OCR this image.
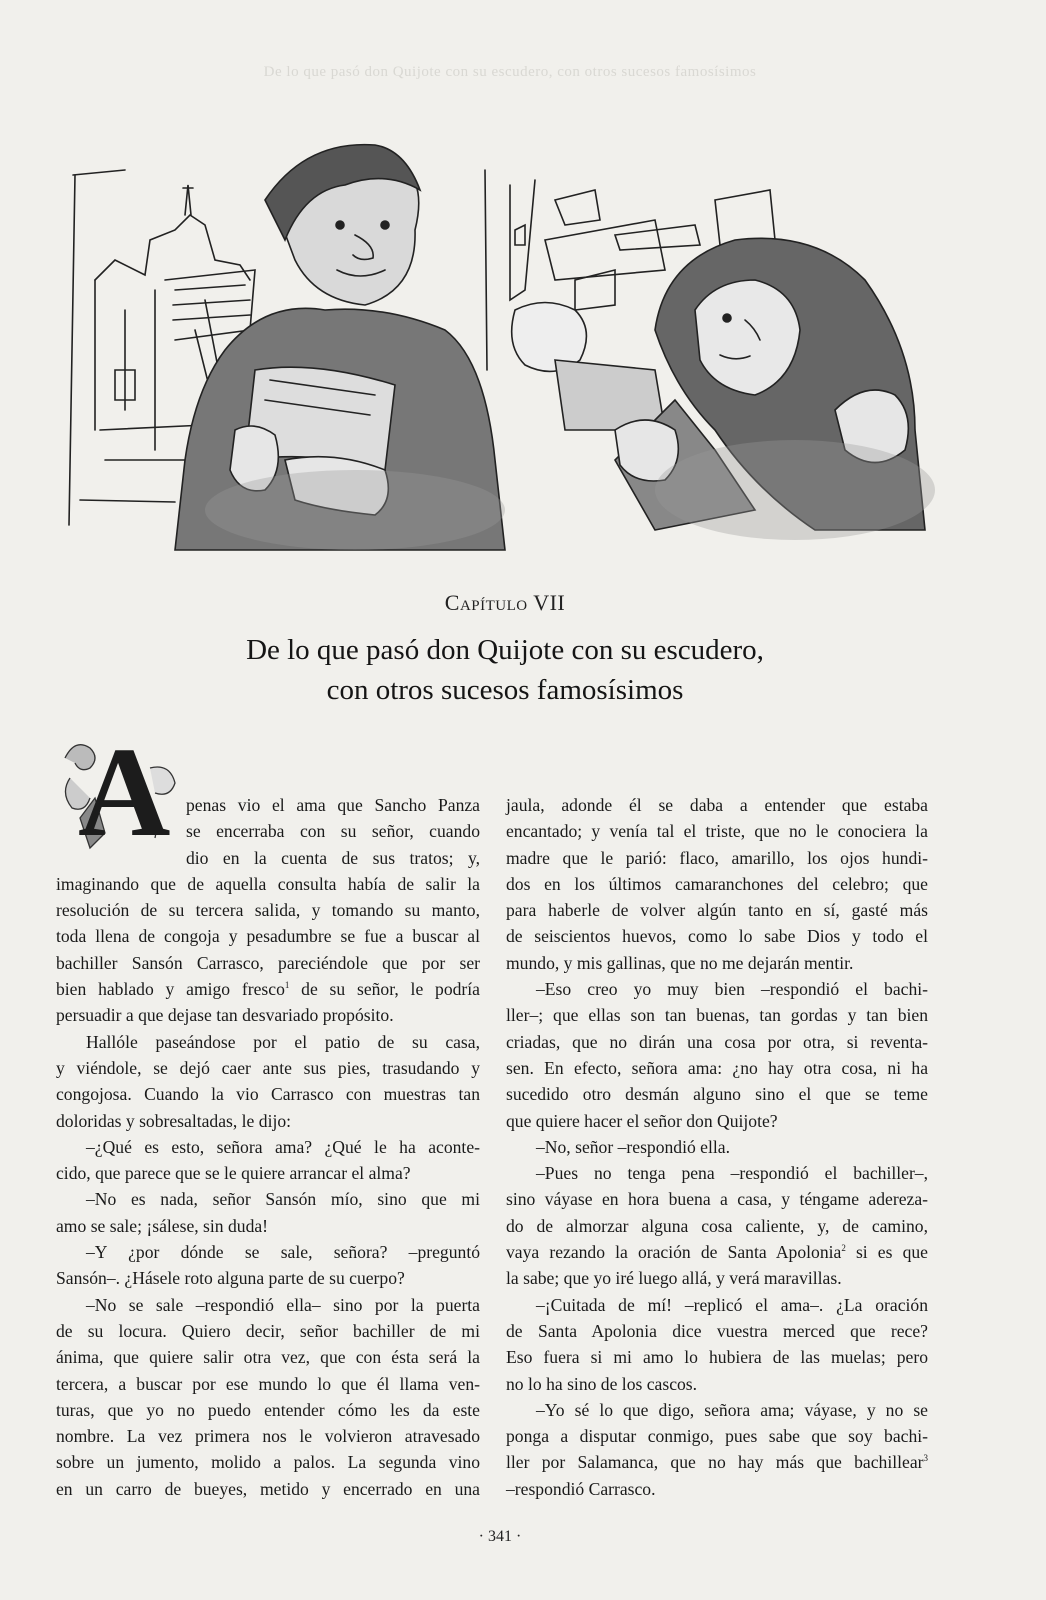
De lo que pasó don Quijote con su escudero, con otros sucesos famosísimos
Capítulo VII
De lo que pasó don Quijote con su escudero,
con otros sucesos famosísimos
A penas vio el ama que Sancho Panza
se encerraba con su señor, cuando
dio en la cuenta de sus tratos; y,
imaginando que de aquella consulta había de salir la
resolución de su tercera salida, y tomando su manto,
toda llena de congoja y pesadumbre se fue a buscar al
bachiller Sansón Carrasco, pareciéndole que por ser
bien hablado y amigo fresco$^1$ de su señor, le podría
persuadir a que dejase tan desvariado propósito.
Hallóle paseándose por el patio de su casa,
y viéndole, se dejó caer ante sus pies, trasudando y
congojosa. Cuando la vio Carrasco con muestras tan
doloridas y sobresaltadas, le dijo:
–¿Qué es esto, señora ama? ¿Qué le ha aconte-
cido, que parece que se le quiere arrancar el alma?
–No es nada, señor Sansón mío, sino que mi
amo se sale; ¡sálese, sin duda!
–Y ¿por dónde se sale, señora? –preguntó
Sansón–. ¿Hásele roto alguna parte de su cuerpo?
–No se sale –respondió ella– sino por la puerta
de su locura. Quiero decir, señor bachiller de mi
ánima, que quiere salir otra vez, que con ésta será la
tercera, a buscar por ese mundo lo que él llama ven-
turas, que yo no puedo entender cómo les da este
nombre. La vez primera nos le volvieron atravesado
sobre un jumento, molido a palos. La segunda vino
en un carro de bueyes, metido y encerrado en una
jaula, adonde él se daba a entender que estaba
encantado; y venía tal el triste, que no le conociera la
madre que le parió: flaco, amarillo, los ojos hundi-
dos en los últimos camaranchones del celebro; que
para haberle de volver algún tanto en sí, gasté más
de seiscientos huevos, como lo sabe Dios y todo el
mundo, y mis gallinas, que no me dejarán mentir.
–Eso creo yo muy bien –respondió el bachi-
ller–; que ellas son tan buenas, tan gordas y tan bien
criadas, que no dirán una cosa por otra, si reventa-
sen. En efecto, señora ama: ¿no hay otra cosa, ni ha
sucedido otro desmán alguno sino el que se teme
que quiere hacer el señor don Quijote?
–No, señor –respondió ella.
–Pues no tenga pena –respondió el bachiller–,
sino váyase en hora buena a casa, y téngame adereza-
do de almorzar alguna cosa caliente, y, de camino,
vaya rezando la oración de Santa Apolonia$^2$ si es que
la sabe; que yo iré luego allá, y verá maravillas.
–¡Cuitada de mí! –replicó el ama–. ¿La oración
de Santa Apolonia dice vuestra merced que rece?
Eso fuera si mi amo lo hubiera de las muelas; pero
no lo ha sino de los cascos.
–Yo sé lo que digo, señora ama; váyase, y no se
ponga a disputar conmigo, pues sabe que soy bachi-
ller por Salamanca, que no hay más que bachillear$^3$
–respondió Carrasco.
· 341 ·
